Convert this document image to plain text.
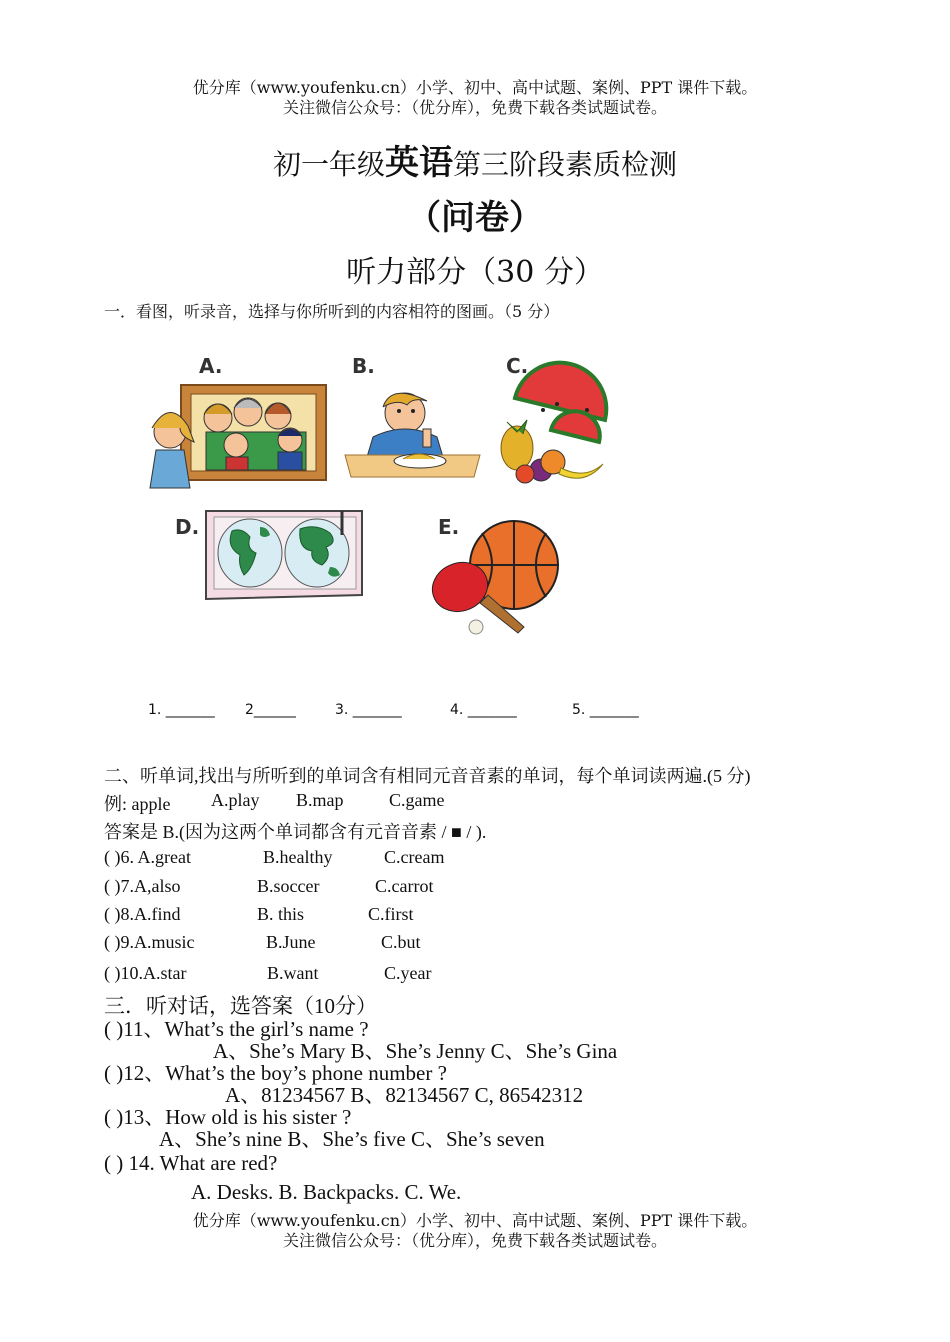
优分库（www.youfenku.cn）小学、初中、高中试题、案例、PPT 课件下载。
关注微信公众号：（优分库），免费下载各类试题试卷。
初一年级英语第三阶段素质检测
（问卷）
听力部分（30 分）
一．看图，听录音，选择与你所听到的内容相符的图画。（5 分）
A.	B.	C.
D.	E.
1. _______ 2______	3. _______	4. _______	5. _______
二、听单词,找出与所听到的单词含有相同元音音素的单词，每个单词读两遍.(5 分)
例: apple A.play B.map	C.game
答案是 B.(因为这两个单词都含有元音音素 / ■ / ).
( )6. A.great	B.healthy	C.cream
( )7.A,also	B.soccer	C.carrot
( )8.A.find	B. this	C.first
( )9.A.music	B.June	C.but
( )10.A.star	B.want	C.year
三．听对话，选答案（10分）
( )11、What’s the girl’s name ?
A、She’s Mary B、She’s Jenny C、She’s Gina
( )12、What’s the boy’s phone number ?
A、81234567 B、82134567 C, 86542312
( )13、How old is his sister ?
A、She’s nine B、She’s five C、She’s seven
( ) 14. What are red?
A. Desks. B. Backpacks. C. We.
优分库（www.youfenku.cn）小学、初中、高中试题、案例、PPT 课件下载。
关注微信公众号：（优分库），免费下载各类试题试卷。
